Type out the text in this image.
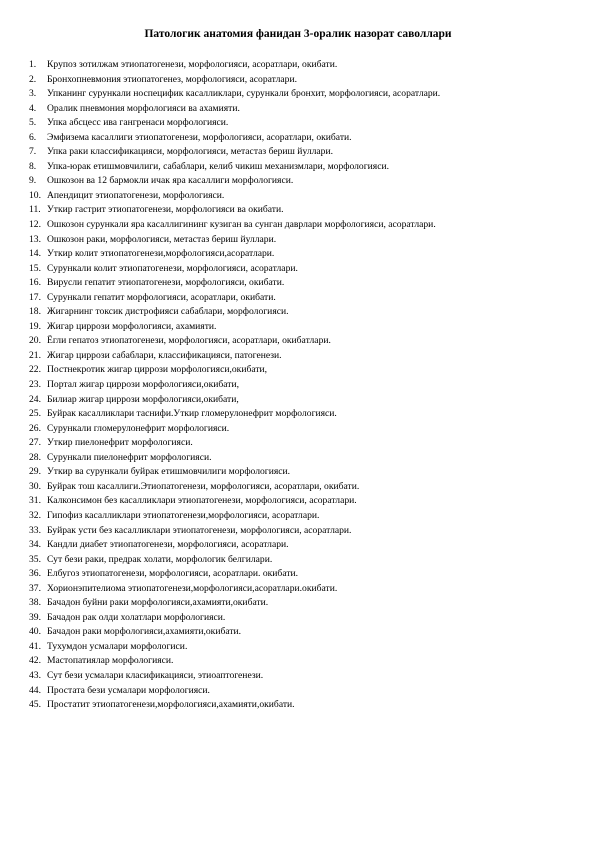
Патологик анатомия фанидан 3-оралик назорат саволлари
1.	Крупоз зотилжам этиопатогенези, морфологияси, асоратлари, окибати.
2.	Бронхопневмония этиопатогенез, морфологияси, асоратлари.
3.	Упканинг сурункали носпецифик касалликлари, сурункали бронхит, морфологияси, асоратлари.
4.	Оралик пневмония морфологияси ва ахамияти.
5.	Упка абсцесс ива гангренаси морфологияси.
6.	Эмфизема касаллиги этиопатогенези, морфологияси, асоратлари, окибати.
7.	Упка раки классификацияси, морфологияси, метастаз бериш йуллари.
8.	Упка-юрак етишмовчилиги, сабаблари, келиб чикиш механизмлари, морфологияси.
9.	Ошкозон ва 12 бармокли ичак яра касаллиги морфологияси.
10. Апендицит этиопатогенези, морфологияси.
11. Уткир гастрит этиопатогенези, морфологияси ва окибати.
12. Ошкозон сурункали яра касаллигининг кузиган ва сунган даврлари морфологияси, асоратлари.
13. Ошкозон раки, морфологияси, метастаз бериш йуллари.
14. Уткир колит этиопатогенези,морфологияси,асоратлари.
15. Сурункали колит этиопатогенези, морфологияси, асоратлари.
16. Вирусли гепатит этиопатогенези, морфологияси, окибати.
17. Сурункали гепатит морфологияси, асоратлари, окибати.
18. Жигарнинг токсик дистрофияси сабаблари, морфологияси.
19. Жигар циррози морфологияси, ахамияти.
20. Ёгли гепатоз этиопатогенези, морфологияси, асоратлари, окибатлари.
21. Жигар циррози сабаблари, классификацияси, патогенези.
22. Постнекротик жигар циррози морфологияси,окибати,
23. Портал жигар циррози морфологияси,окибати,
24. Билиар жигар циррози морфологияси,окибати,
25. Буйрак касалликлари таснифи.Уткир гломерулонефрит морфологияси.
26. Сурункали гломерулонефрит морфологияси.
27. Уткир пиелонефрит морфологияси.
28. Сурункали пиелонефрит морфологияси.
29. Уткир ва сурункали буйрак етишмовчилиги морфологияси.
30. Буйрак тош касаллиги.Этиопатогенези, морфологияси, асоратлари, окибати.
31. Калконсимон без касалликлари этиопатогенези, морфологияси, асоратлари.
32. Гипофиз касалликлари этиопатогенези,морфологияси, асоратлари.
33. Буйрак усти без касалликлари этиопатогенези, морфологияси, асоратлари.
34. Кандли диабет этиопатогенези, морфологияси, асоратлари.
35. Сут бези раки, предрак холати, морфологик белгилари.
36. Елбугоз этиопатогенези, морфологияси, асоратлари. окибати.
37. Хорионэпителиома этиопатогенези,морфологияси,асоратлари.окибати.
38. Бачадон буйни раки морфологияси,ахамияти,окибати.
39. Бачадон рак олди холатлари морфологияси.
40. Бачадон раки морфологияси,ахамияти,окибати.
41. Тухумдон усмалари морфологиси.
42. Мастопатиялар морфологияси.
43. Сут бези усмалари класификацияси, этиоаптогенези.
44. Простата бези усмалари морфологияси.
45. Простатит этиопатогенези,морфологияси,ахамияти,окибати.
